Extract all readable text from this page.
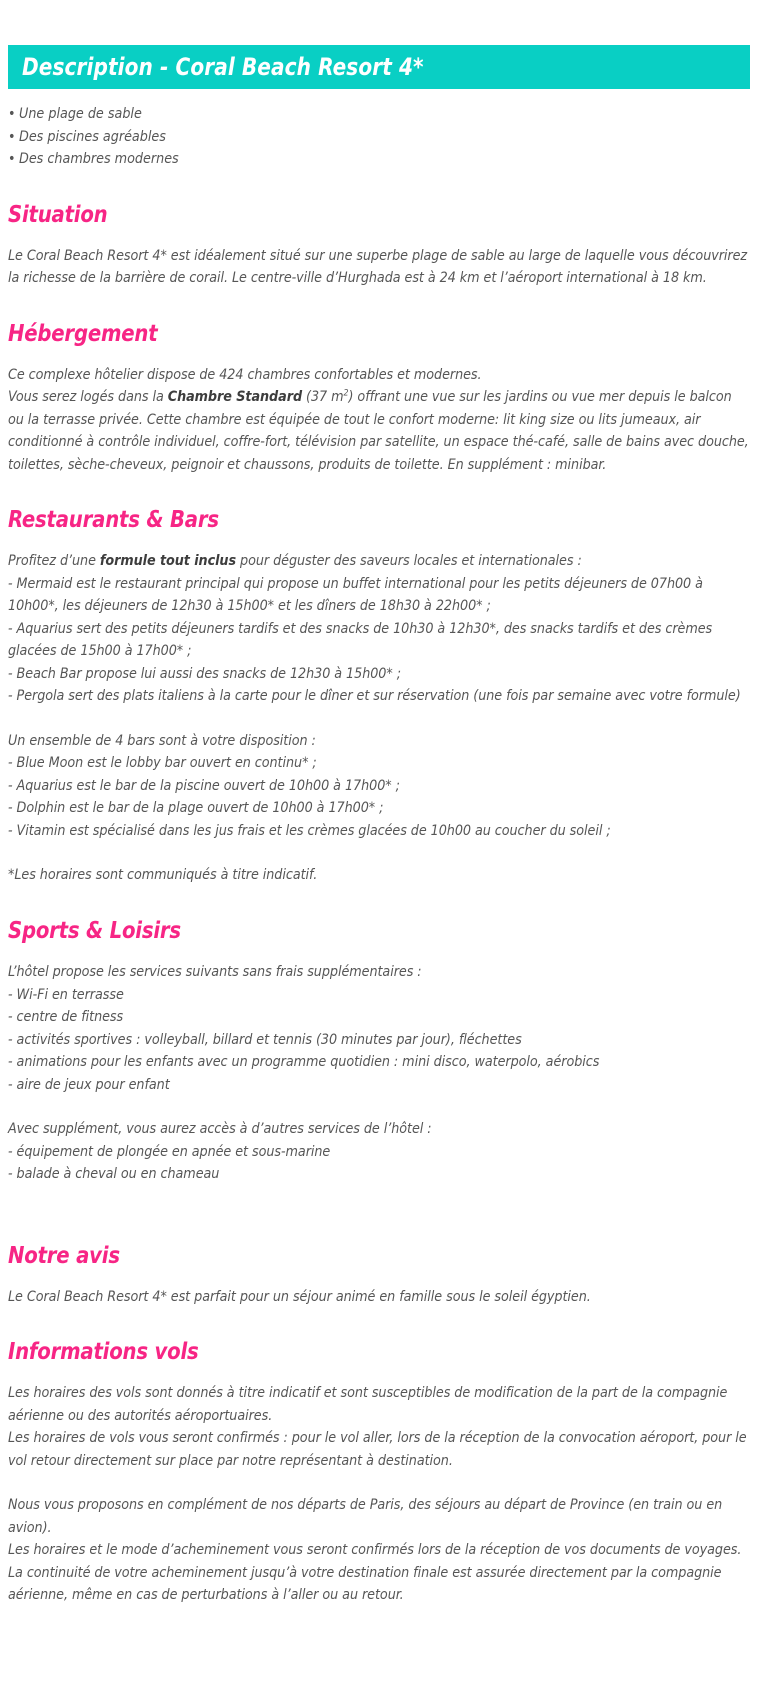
Description - Coral Beach Resort 4*
• Une plage de sable
• Des piscines agréables
• Des chambres modernes
Situation

Le Coral Beach Resort 4* est idéalement situé sur une superbe plage de sable au large de laquelle vous découvrirez la richesse de la barrière de corail. Le centre-ville d’Hurghada est à 24 km et l’aéroport international à 18 km.

Hébergement

Ce complexe hôtelier dispose de 424 chambres confortables et modernes.

Vous serez logés dans la Chambre Standard (37 $m^2$) offrant une vue sur les jardins ou vue mer depuis le balcon ou la terrasse privée. Cette chambre est équipée de tout le confort moderne: lit king size ou lits jumeaux, air conditionné à contrôle individuel, coffre-fort, télévision par satellite, un espace thé-café, salle de bains avec douche, toilettes, sèche-cheveux, peignoir et chaussons, produits de toilette. En supplément : minibar.

Restaurants & Bars

Profitez d’une formule tout inclus pour déguster des saveurs locales et internationales :

- Mermaid est le restaurant principal qui propose un buffet international pour les petits déjeuners de 07h00 à 10h00*, les déjeuners de 12h30 à 15h00* et les dîners de 18h30 à 22h00* ;

- Aquarius sert des petits déjeuners tardifs et des snacks de 10h30 à 12h30*, des snacks tardifs et des crèmes glacées de 15h00 à 17h00* ;

- Beach Bar propose lui aussi des snacks de 12h30 à 15h00* ;

- Pergola sert des plats italiens à la carte pour le dîner et sur réservation (une fois par semaine avec votre formule)

Un ensemble de 4 bars sont à votre disposition :

- Blue Moon est le lobby bar ouvert en continu* ;

- Aquarius est le bar de la piscine ouvert de 10h00 à 17h00* ;

- Dolphin est le bar de la plage ouvert de 10h00 à 17h00* ;

- Vitamin est spécialisé dans les jus frais et les crèmes glacées de 10h00 au coucher du soleil ;

*Les horaires sont communiqués à titre indicatif.

Sports & Loisirs

L’hôtel propose les services suivants sans frais supplémentaires :

- Wi-Fi en terrasse

- centre de fitness

- activités sportives : volleyball, billard et tennis (30 minutes par jour), fléchettes

- animations pour les enfants avec un programme quotidien : mini disco, waterpolo, aérobics

- aire de jeux pour enfant

Avec supplément, vous aurez accès à d’autres services de l’hôtel :

- équipement de plongée en apnée et sous-marine

- balade à cheval ou en chameau

Notre avis

Le Coral Beach Resort 4* est parfait pour un séjour animé en famille sous le soleil égyptien.

Informations vols

Les horaires des vols sont donnés à titre indicatif et sont susceptibles de modification de la part de la compagnie aérienne ou des autorités aéroportuaires.

Les horaires de vols vous seront confirmés : pour le vol aller, lors de la réception de la convocation aéroport, pour le vol retour directement sur place par notre représentant à destination.

Nous vous proposons en complément de nos départs de Paris, des séjours au départ de Province (en train ou en avion).

Les horaires et le mode d’acheminement vous seront confirmés lors de la réception de vos documents de voyages.

La continuité de votre acheminement jusqu’à votre destination finale est assurée directement par la compagnie aérienne, même en cas de perturbations à l’aller ou au retour.
